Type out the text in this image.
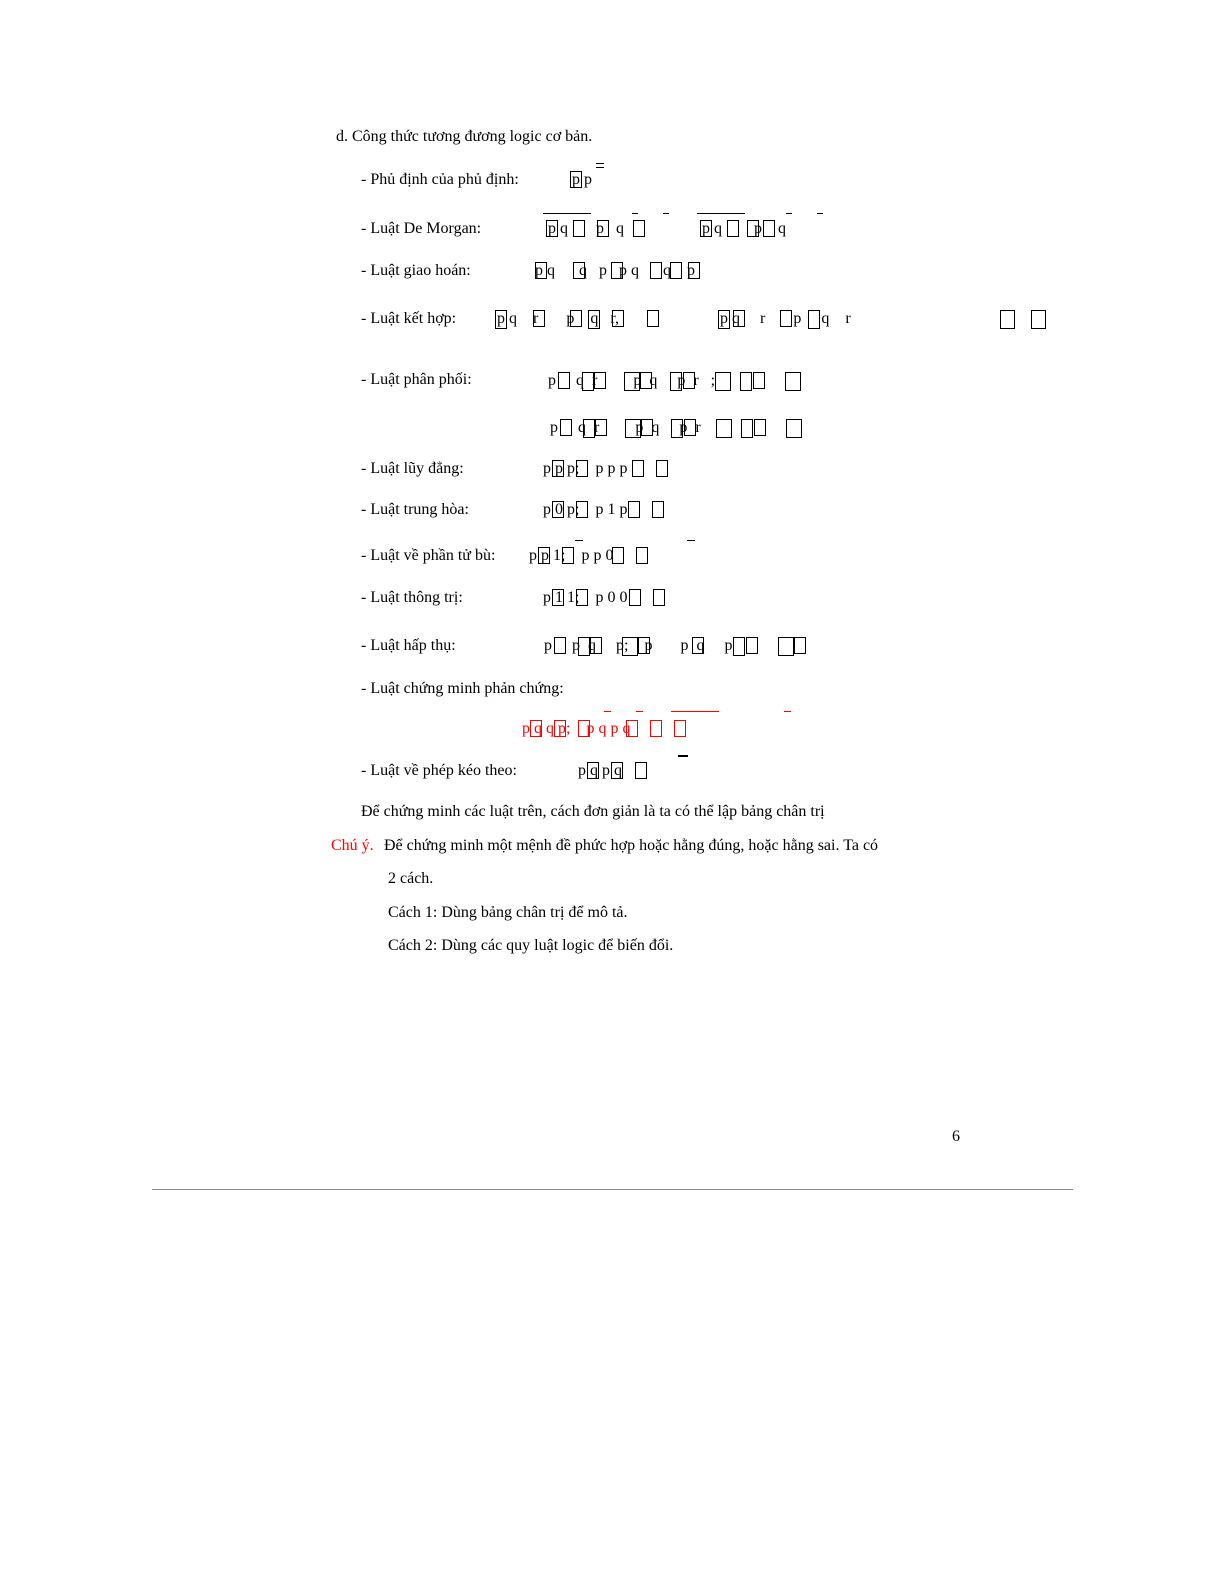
d. Công thức tương đương logic cơ bản.
- Phủ định của phủ định:	p p
- Luật De Morgan:	p q       p   q	p q        p    q
- Luật giao hoán:	p q      q   p   p q      q    p
- Luật kết hợp:	p q    r       p    q   r,	p q     r       p     q    r
- Luật phân phối:	p     q  r         p  q     p  r   ;
p     q  r         p  q     p  r
- Luật lũy đẳng:	p p p;    p p p
- Luật trung hòa:	p 0 p;    p 1 p
- Luật về phần tử bù: p p 1;    p p 0
- Luật thông trị:	p 1 1;    p 0 0
- Luật hấp thụ:	p     p  q     p;    p       p  q     p
- Luật chứng minh phản chứng:
p q q p;    p q p q
- Luật về phép kéo theo:	p q p q
Để chứng minh các luật trên, cách đơn giản là ta có thể lập bảng chân trị
Chú ý. Để chứng minh một mệnh đề phức hợp hoặc hằng đúng, hoặc hằng sai. Ta có
2 cách.
Cách 1: Dùng bảng chân trị để mô tả.
Cách 2: Dùng các quy luật logic để biến đổi.
6
